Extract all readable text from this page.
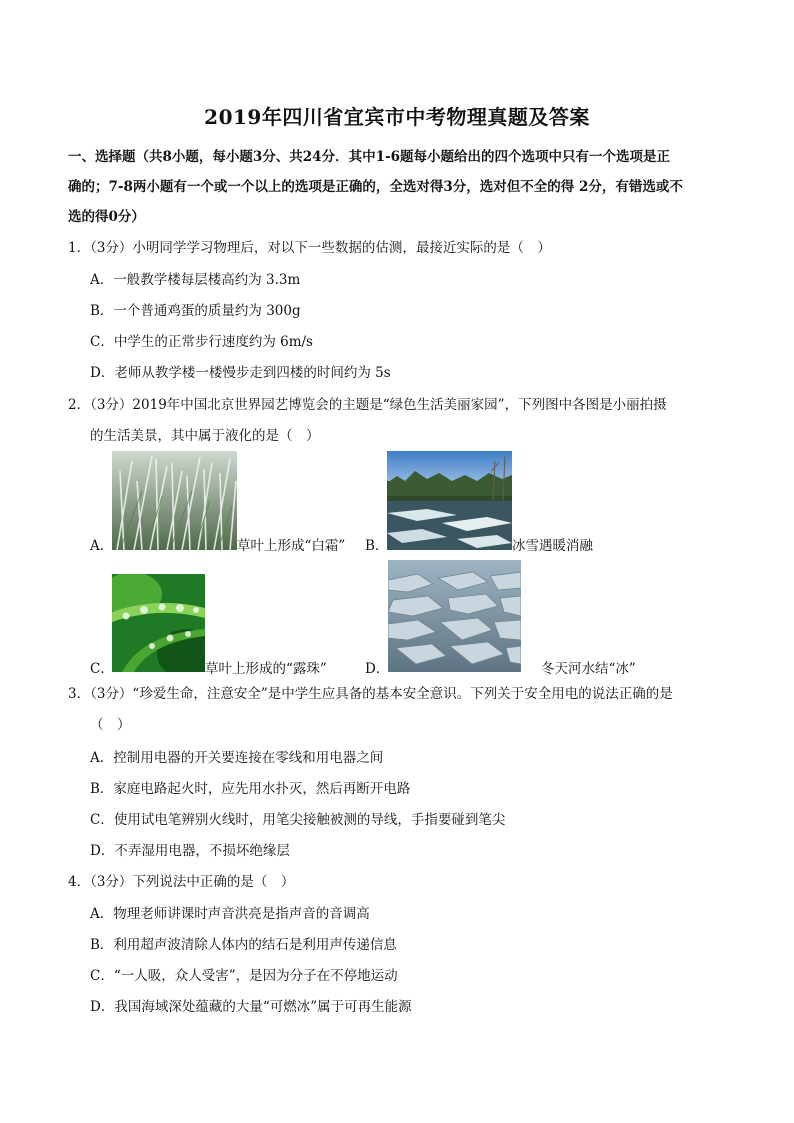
2019年四川省宜宾市中考物理真题及答案
一、选择题（共8小题，每小题3分、共24分．其中1-6题每小题给出的四个选项中只有一个选项是正
确的；7-8两小题有一个或一个以上的选项是正确的，全选对得3分，选对但不全的得 2分，有错选或不
选的得0分）
1．（3分）小明同学学习物理后，对以下一些数据的估测，最接近实际的是（　）
A．一般教学楼每层楼高约为 3.3m
B．一个普通鸡蛋的质量约为 300g
C．中学生的正常步行速度约为 6m/s
D．老师从教学楼一楼慢步走到四楼的时间约为 5s
2．（3分）2019年中国北京世界园艺博览会的主题是“绿色生活美丽家园”，下列图中各图是小丽拍摄
的生活美景，其中属于液化的是（　）
A．	草叶上形成“白霜” B．	冰雪遇暖消融
C．	草叶上形成的“露珠”	D．	冬天河水结“冰”
3．（3分）“珍爱生命，注意安全”是中学生应具备的基本安全意识。下列关于安全用电的说法正确的是
（　）
A．控制用电器的开关要连接在零线和用电器之间
B．家庭电路起火时，应先用水扑灭，然后再断开电路
C．使用试电笔辨别火线时，用笔尖接触被测的导线，手指要碰到笔尖
D．不弄湿用电器，不损坏绝缘层
4．（3分）下列说法中正确的是（　）
A．物理老师讲课时声音洪亮是指声音的音调高
B．利用超声波清除人体内的结石是利用声传递信息
C．“一人吸，众人受害”，是因为分子在不停地运动
D．我国海域深处蕴藏的大量“可燃冰”属于可再生能源
